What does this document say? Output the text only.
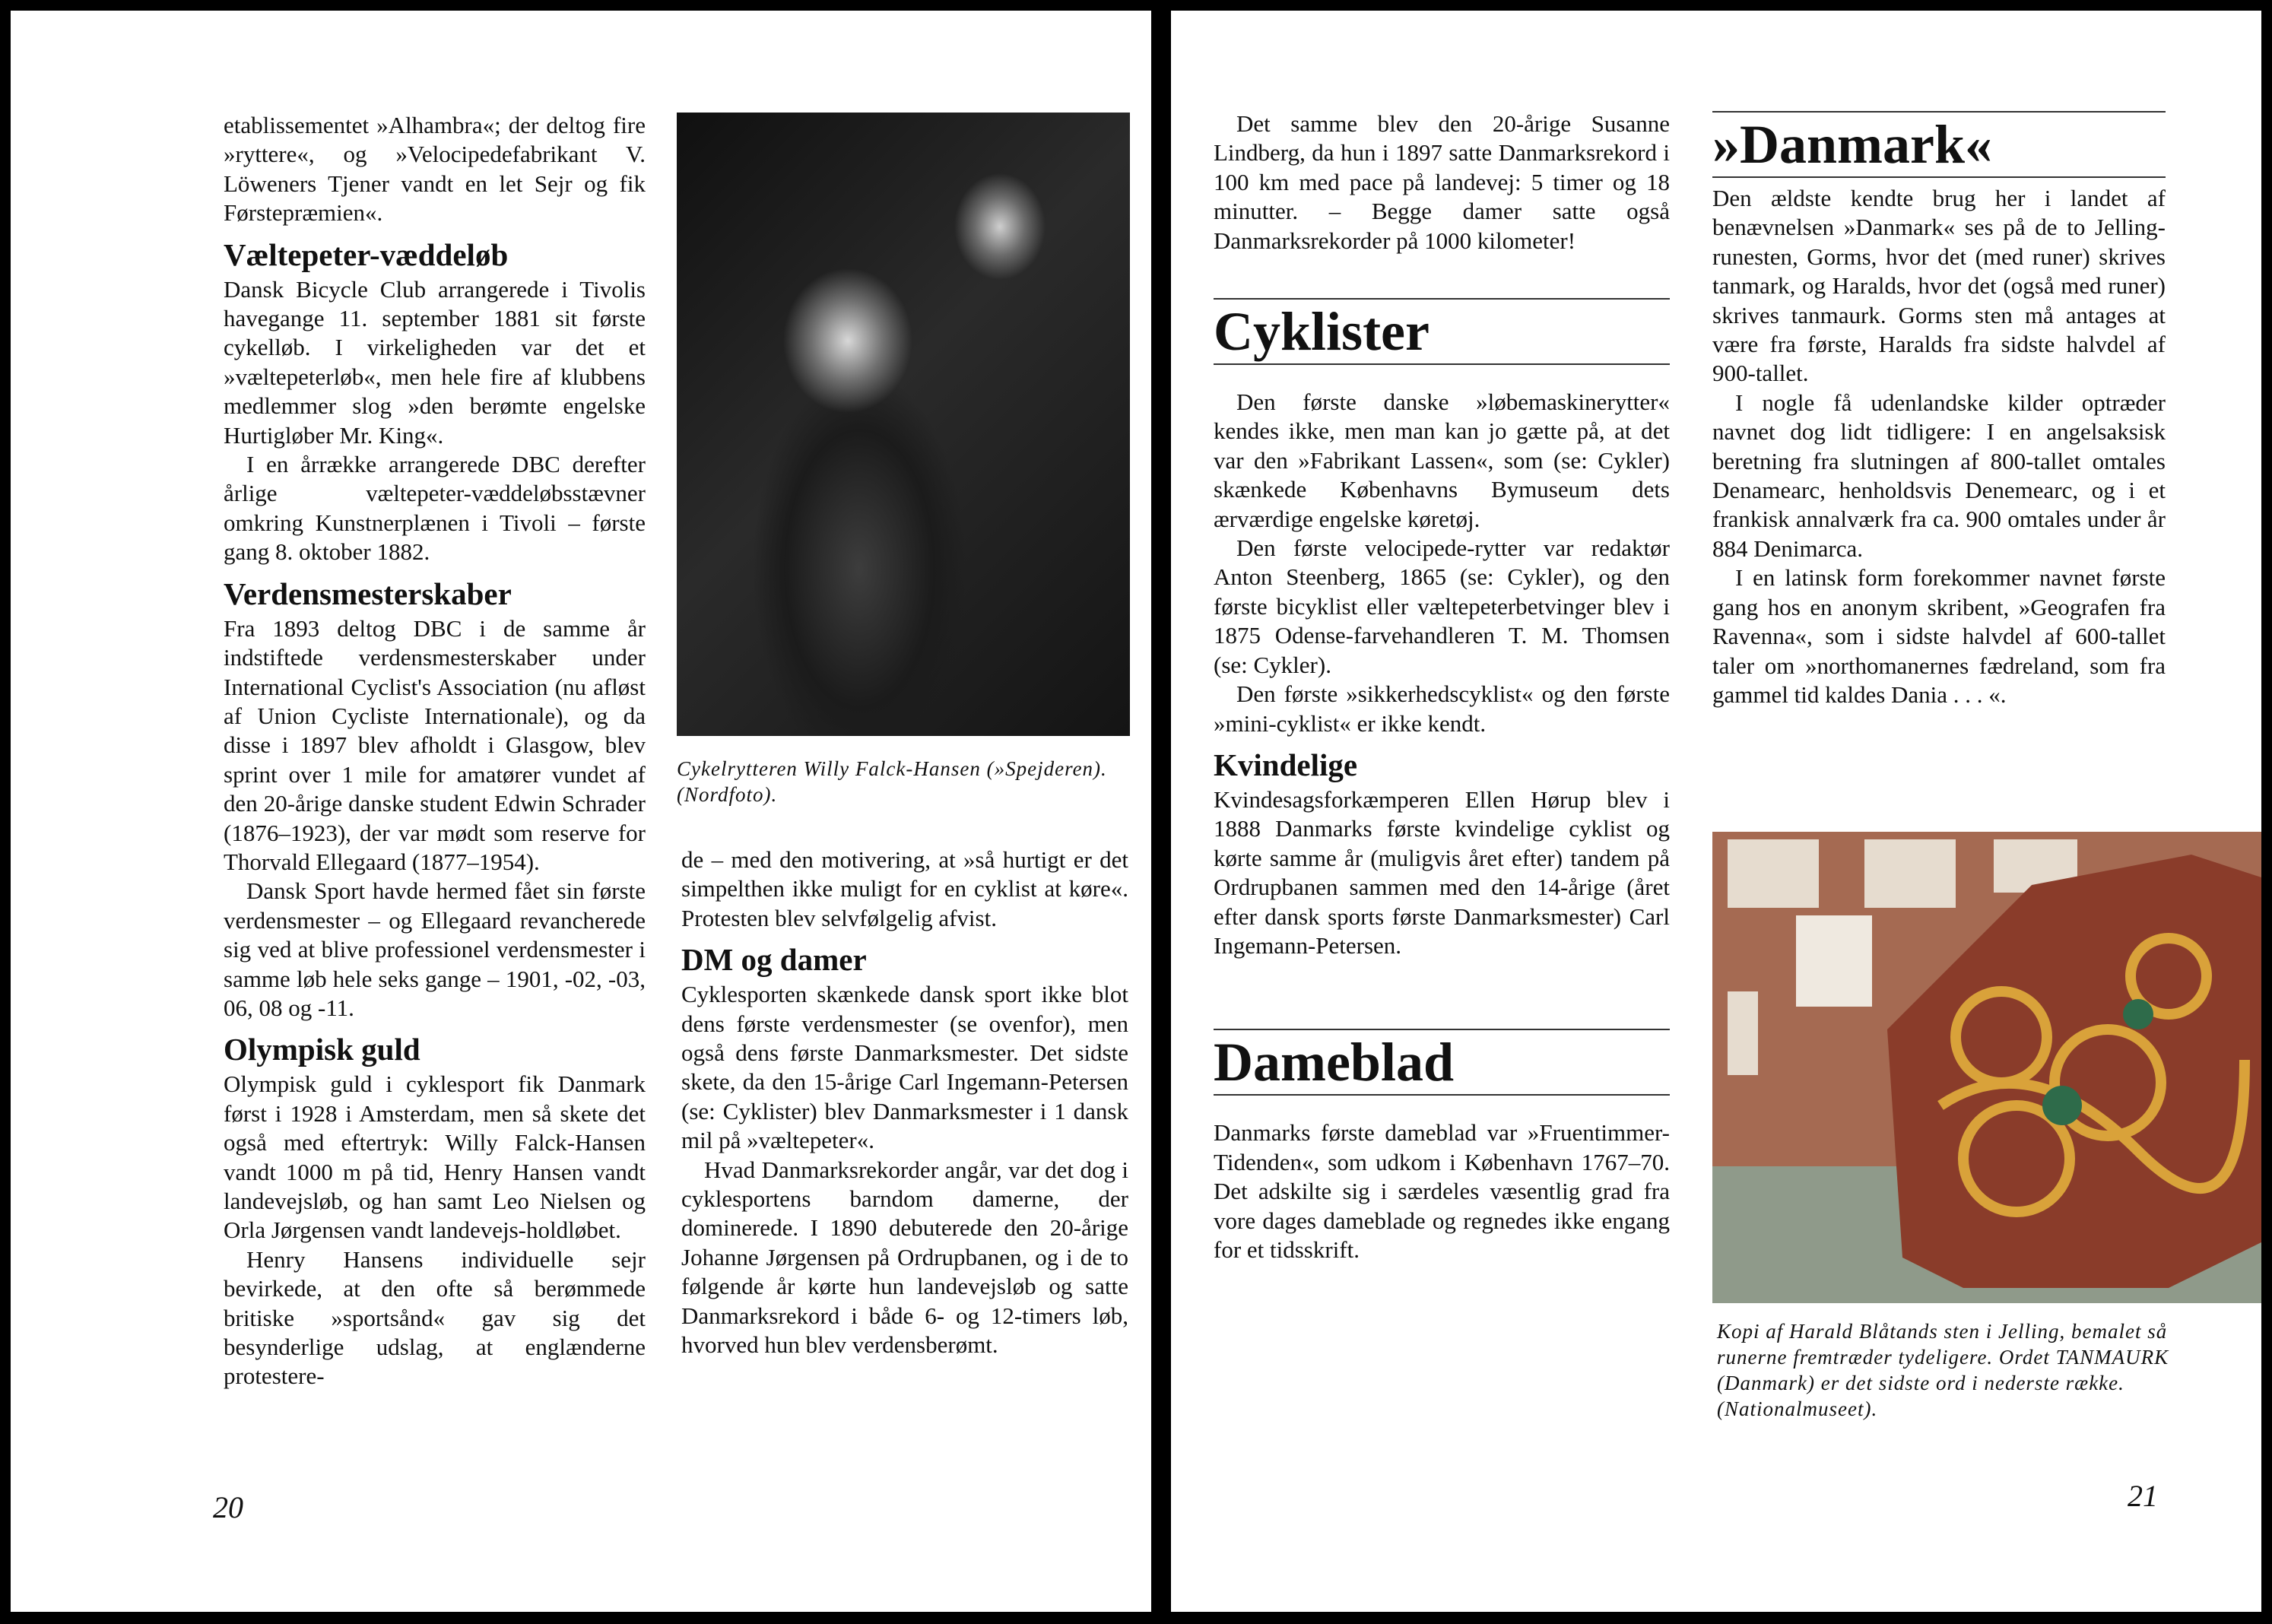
etablissementet »Alhambra«; der deltog fire »ryttere«, og »Velocipedefabrikant V. Löweners Tjener vandt en let Sejr og fik Førstepræmien«.

Væltepeter-væddeløb

Dansk Bicycle Club arrangerede i Tivolis havegange 11. september 1881 sit første cykelløb. I virkeligheden var det et »væltepeterløb«, men hele fire af klubbens medlemmer slog »den berømte engelske Hurtigløber Mr. King«.

I en årrække arrangerede DBC derefter årlige væltepeter-væddeløbsstævner omkring Kunstnerplænen i Tivoli – første gang 8. oktober 1882.

Verdensmesterskaber

Fra 1893 deltog DBC i de samme år indstiftede verdensmesterskaber under International Cyclist's Association (nu afløst af Union Cycliste Internationale), og da disse i 1897 blev afholdt i Glasgow, blev sprint over 1 mile for amatører vundet af den 20-årige danske student Edwin Schrader (1876–1923), der var mødt som reserve for Thorvald Ellegaard (1877–1954).

Dansk Sport havde hermed fået sin første verdensmester – og Ellegaard revancherede sig ved at blive professionel verdensmester i samme løb hele seks gange – 1901, -02, -03, 06, 08 og -11.

Olympisk guld

Olympisk guld i cyklesport fik Danmark først i 1928 i Amsterdam, men så skete det også med eftertryk: Willy Falck-Hansen vandt 1000 m på tid, Henry Hansen vandt landevejsløb, og han samt Leo Nielsen og Orla Jørgensen vandt landevejs-holdløbet.

Henry Hansens individuelle sejr bevirkede, at den ofte så berømmede britiske »sportsånd« gav sig det besynderlige udslag, at englænderne protestere-

Cykelrytteren Willy Falck-Hansen (»Spejderen). (Nordfoto).

de – med den motivering, at »så hurtigt er det simpelthen ikke muligt for en cyklist at køre«. Protesten blev selvfølgelig afvist.

DM og damer

Cyklesporten skænkede dansk sport ikke blot dens første verdensmester (se ovenfor), men også dens første Danmarksmester. Det sidste skete, da den 15-årige Carl Ingemann-Petersen (se: Cyklister) blev Danmarksmester i 1 dansk mil på »væltepeter«.

Hvad Danmarksrekorder angår, var det dog i cyklesportens barndom damerne, der dominerede. I 1890 debuterede den 20-årige Johanne Jørgensen på Ordrupbanen, og i de to følgende år kørte hun landevejsløb og satte Danmarksrekord i både 6- og 12-timers løb, hvorved hun blev verdensberømt.

20

Det samme blev den 20-årige Susanne Lindberg, da hun i 1897 satte Danmarksrekord i 100 km med pace på landevej: 5 timer og 18 minutter. – Begge damer satte også Danmarksrekorder på 1000 kilometer!

Cyklister

Den første danske »løbemaskinerytter« kendes ikke, men man kan jo gætte på, at det var den »Fabrikant Lassen«, som (se: Cykler) skænkede Københavns Bymuseum dets ærværdige engelske køretøj.

Den første velocipede-rytter var redaktør Anton Steenberg, 1865 (se: Cykler), og den første bicyklist eller væltepeterbetvinger blev i 1875 Odense-farvehandleren T. M. Thomsen (se: Cykler).

Den første »sikkerhedscyklist« og den første »mini-cyklist« er ikke kendt.

Kvindelige

Kvindesagsforkæmperen Ellen Hørup blev i 1888 Danmarks første kvindelige cyklist og kørte samme år (muligvis året efter) tandem på Ordrupbanen sammen med den 14-årige (året efter dansk sports første Danmarksmester) Carl Ingemann-Petersen.

Dameblad

Danmarks første dameblad var »Fruentimmer-Tidenden«, som udkom i København 1767–70. Det adskilte sig i særdeles væsentlig grad fra vore dages dameblade og regnedes ikke engang for et tidsskrift.

»Danmark«

Den ældste kendte brug her i landet af benævnelsen »Danmark« ses på de to Jelling-runesten, Gorms, hvor det (med runer) skrives tanmark, og Haralds, hvor det (også med runer) skrives tanmaurk. Gorms sten må antages at være fra første, Haralds fra sidste halvdel af 900-tallet.

I nogle få udenlandske kilder optræder navnet dog lidt tidligere: I en angelsaksisk beretning fra slutningen af 800-tallet omtales Denamearc, henholdsvis Denemearc, og i et frankisk annalværk fra ca. 900 omtales under år 884 Denimarca.

I en latinsk form forekommer navnet første gang hos en anonym skribent, »Geografen fra Ravenna«, som i sidste halvdel af 600-tallet taler om »northomanernes fædreland, som fra gammel tid kaldes Dania . . . «.

Kopi af Harald Blåtands sten i Jelling, bemalet så runerne fremtræder tydeligere. Ordet TANMAURK (Danmark) er det sidste ord i nederste række. (Nationalmuseet).
21
